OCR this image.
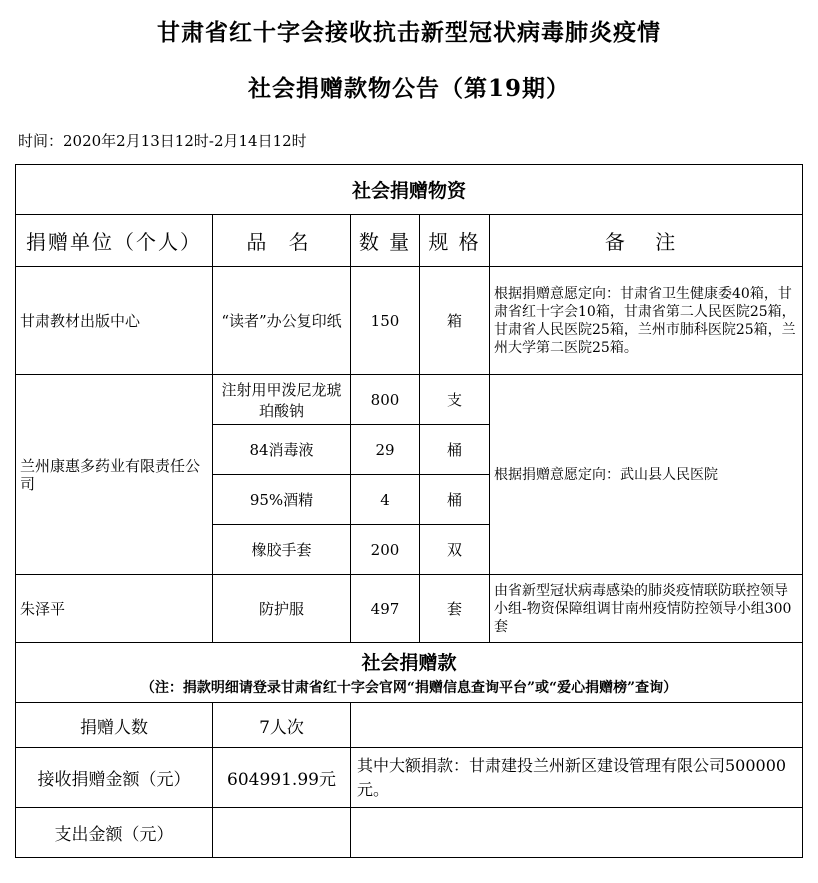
甘肃省红十字会接收抗击新型冠状病毒肺炎疫情
社会捐赠款物公告（第19期）
时间：2020年2月13日12时-2月14日12时
社会捐赠物资				
捐赠单位（个人）	品 名	数 量	规 格	备 注
甘肃教材出版中心	“读者”办公复印纸	150	箱	根据捐赠意愿定向：甘肃省卫生健康委40箱，甘肃省红十字会10箱，甘肃省第二人民医院25箱，甘肃省人民医院25箱，兰州市肺科医院25箱，兰州大学第二医院25箱。
兰州康惠多药业有限责任公司	注射用甲泼尼龙琥珀酸钠	800	支	根据捐赠意愿定向：武山县人民医院
	84消毒液	29	桶	
	95%酒精	4	桶	
	橡胶手套	200	双	
朱泽平	防护服	497	套	由省新型冠状病毒感染的肺炎疫情联防联控领导小组-物资保障组调甘南州疫情防控领导小组300套
社会捐赠款
（注：捐款明细请登录甘肃省红十字会官网“捐赠信息查询平台”或“爱心捐赠榜”查询）				

捐赠人数	7人次			
接收捐赠金额（元）	604991.99元	其中大额捐款：甘肃建投兰州新区建设管理有限公司500000元。		
支出金额（元）				
